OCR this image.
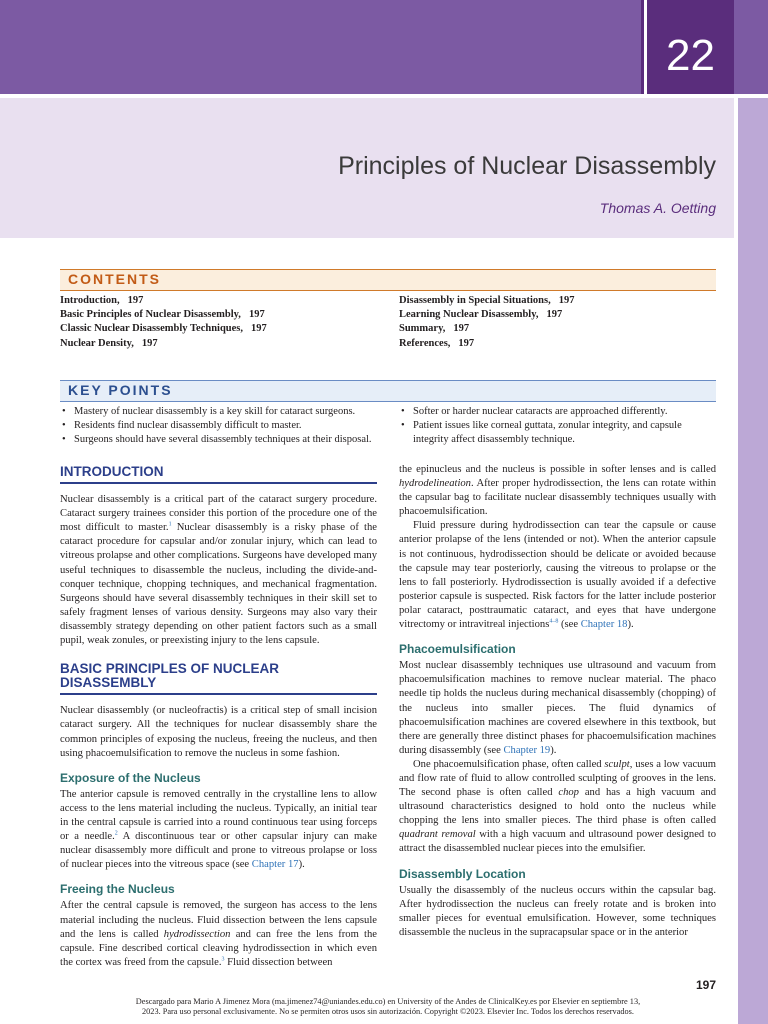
22
Principles of Nuclear Disassembly
Thomas A. Oetting
CONTENTS
Introduction, 197
Basic Principles of Nuclear Disassembly, 197
Classic Nuclear Disassembly Techniques, 197
Nuclear Density, 197
Disassembly in Special Situations, 197
Learning Nuclear Disassembly, 197
Summary, 197
References, 197
KEY POINTS
• Mastery of nuclear disassembly is a key skill for cataract surgeons.
• Residents find nuclear disassembly difficult to master.
• Surgeons should have several disassembly techniques at their disposal.
• Softer or harder nuclear cataracts are approached differently.
• Patient issues like corneal guttata, zonular integrity, and capsule integrity affect disassembly technique.
INTRODUCTION

Nuclear disassembly is a critical part of the cataract surgery procedure. Cataract surgery trainees consider this portion of the procedure one of the most difficult to master.$^1$ Nuclear disassembly is a risky phase of the cataract procedure for capsular and/or zonular injury, which can lead to vitreous prolapse and other complications. Surgeons have developed many useful techniques to disassemble the nucleus, including the divide-and-conquer technique, chopping techniques, and mechanical fragmentation. Surgeons should have several disassembly techniques in their skill set to safely fragment lenses of various density. Surgeons may also vary their disassembly strategy depending on other patient factors such as a small pupil, weak zonules, or preexisting injury to the lens capsule.

BASIC PRINCIPLES OF NUCLEAR DISASSEMBLY

Nuclear disassembly (or nucleofractis) is a critical step of small incision cataract surgery. All the techniques for nuclear disassembly share the common principles of exposing the nucleus, freeing the nucleus, and then using phacoemulsification to remove the nucleus in some fashion.

Exposure of the Nucleus

The anterior capsule is removed centrally in the crystalline lens to allow access to the lens material including the nucleus. Typically, an initial tear in the central capsule is carried into a round continuous tear using forceps or a needle.$^2$ A discontinuous tear or other capsular injury can make nuclear disassembly more difficult and prone to vitreous prolapse or loss of nuclear pieces into the vitreous space (see Chapter 17).

Freeing the Nucleus

After the central capsule is removed, the surgeon has access to the lens material including the nucleus. Fluid dissection between the lens capsule and the lens is called hydrodissection and can free the lens from the capsule. Fine described cortical cleaving hydrodissection in which even the cortex was freed from the capsule.$^3$ Fluid dissection between

the epinucleus and the nucleus is possible in softer lenses and is called hydrodelineation. After proper hydrodissection, the lens can rotate within the capsular bag to facilitate nuclear disassembly techniques usually with phacoemulsification.

Fluid pressure during hydrodissection can tear the capsule or cause anterior prolapse of the lens (intended or not). When the anterior capsule is not continuous, hydrodissection should be delicate or avoided because the capsule may tear posteriorly, causing the vitreous to prolapse or the lens to fall posteriorly. Hydrodissection is usually avoided if a defective posterior capsule is suspected. Risk factors for the latter include posterior polar cataract, posttraumatic cataract, and eyes that have undergone vitrectomy or intravitreal injections$^{4-8}$ (see Chapter 18).

Phacoemulsification

Most nuclear disassembly techniques use ultrasound and vacuum from phacoemulsification machines to remove nuclear material. The phaco needle tip holds the nucleus during mechanical disassembly (chopping) of the nucleus into smaller pieces. The fluid dynamics of phacoemulsification machines are covered elsewhere in this textbook, but there are generally three distinct phases for phacoemulsification machines during disassembly (see Chapter 19).

One phacoemulsification phase, often called sculpt, uses a low vacuum and flow rate of fluid to allow controlled sculpting of grooves in the lens. The second phase is often called chop and has a high vacuum and ultrasound characteristics designed to hold onto the nucleus while chopping the lens into smaller pieces. The third phase is often called quadrant removal with a high vacuum and ultrasound power designed to attract the disassembled nuclear pieces into the emulsifier.

Disassembly Location

Usually the disassembly of the nucleus occurs within the capsular bag. After hydrodissection the nucleus can freely rotate and is broken into smaller pieces for eventual emulsification. However, some techniques disassemble the nucleus in the supracapsular space or in the anterior

197
Descargado para Mario A Jimenez Mora (ma.jimenez74@uniandes.edu.co) en University of the Andes de ClinicalKey.es por Elsevier en septiembre 13,
2023. Para uso personal exclusivamente. No se permiten otros usos sin autorización. Copyright ©2023. Elsevier Inc. Todos los derechos reservados.
